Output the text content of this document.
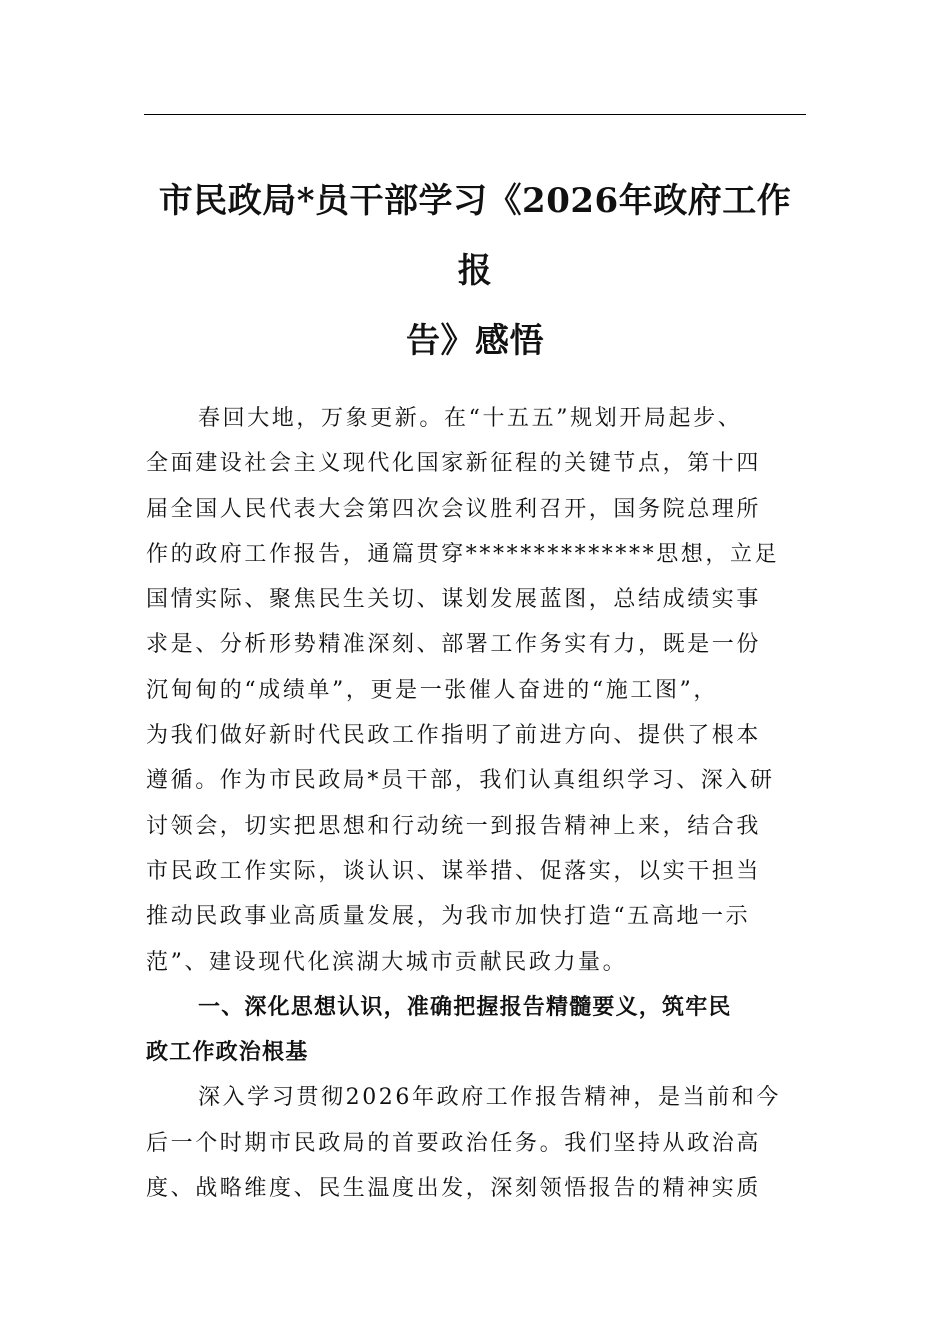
市民政局*员干部学习《2026年政府工作报
告》感悟
春回大地，万象更新。在“十五五”规划开局起步、
全面建设社会主义现代化国家新征程的关键节点，第十四
届全国人民代表大会第四次会议胜利召开，国务院总理所
作的政府工作报告，通篇贯穿**************思想，立足
国情实际、聚焦民生关切、谋划发展蓝图，总结成绩实事
求是、分析形势精准深刻、部署工作务实有力，既是一份
沉甸甸的“成绩单”，更是一张催人奋进的“施工图”，
为我们做好新时代民政工作指明了前进方向、提供了根本
遵循。作为市民政局*员干部，我们认真组织学习、深入研
讨领会，切实把思想和行动统一到报告精神上来，结合我
市民政工作实际，谈认识、谋举措、促落实，以实干担当
推动民政事业高质量发展，为我市加快打造“五高地一示
范”、建设现代化滨湖大城市贡献民政力量。
一、深化思想认识，准确把握报告精髓要义，筑牢民
政工作政治根基
深入学习贯彻2026年政府工作报告精神，是当前和今
后一个时期市民政局的首要政治任务。我们坚持从政治高
度、战略维度、民生温度出发，深刻领悟报告的精神实质
